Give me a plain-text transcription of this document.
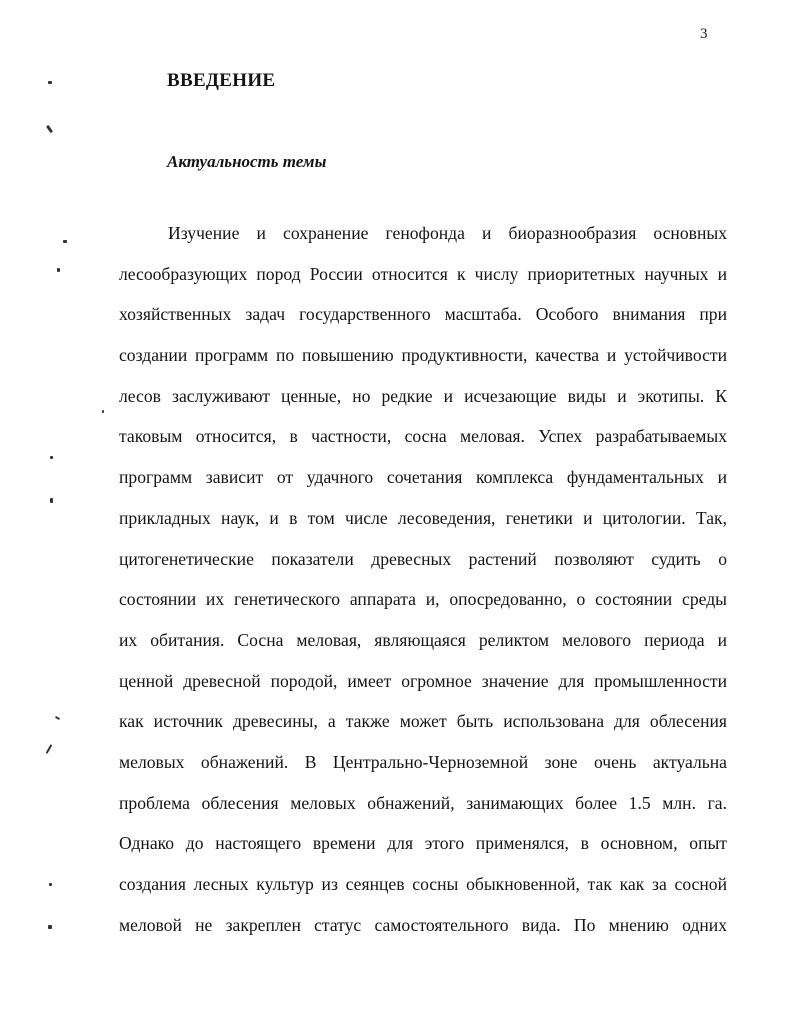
3
ВВЕДЕНИЕ
Актуальность темы
Изучение и сохранение генофонда и биоразнообразия основных
лесообразующих пород России относится к числу приоритетных научных и
хозяйственных задач государственного масштаба. Особого внимания при
создании программ по повышению продуктивности, качества и устойчивости
лесов заслуживают ценные, но редкие и исчезающие виды и экотипы. К
таковым относится, в частности, сосна меловая. Успех разрабатываемых
программ зависит от удачного сочетания комплекса фундаментальных и
прикладных наук, и в том числе лесоведения, генетики и цитологии. Так,
цитогенетические показатели древесных растений позволяют судить о
состоянии их генетического аппарата и, опосредованно, о состоянии среды
их обитания. Сосна меловая, являющаяся реликтом мелового периода и
ценной древесной породой, имеет огромное значение для промышленности
как источник древесины, а также может быть использована для облесения
меловых обнажений. В Центрально-Черноземной зоне очень актуальна
проблема облесения меловых обнажений, занимающих более 1.5 млн. га.
Однако до настоящего времени для этого применялся, в основном, опыт
создания лесных культур из сеянцев сосны обыкновенной, так как за сосной
меловой не закреплен статус самостоятельного вида. По мнению одних
